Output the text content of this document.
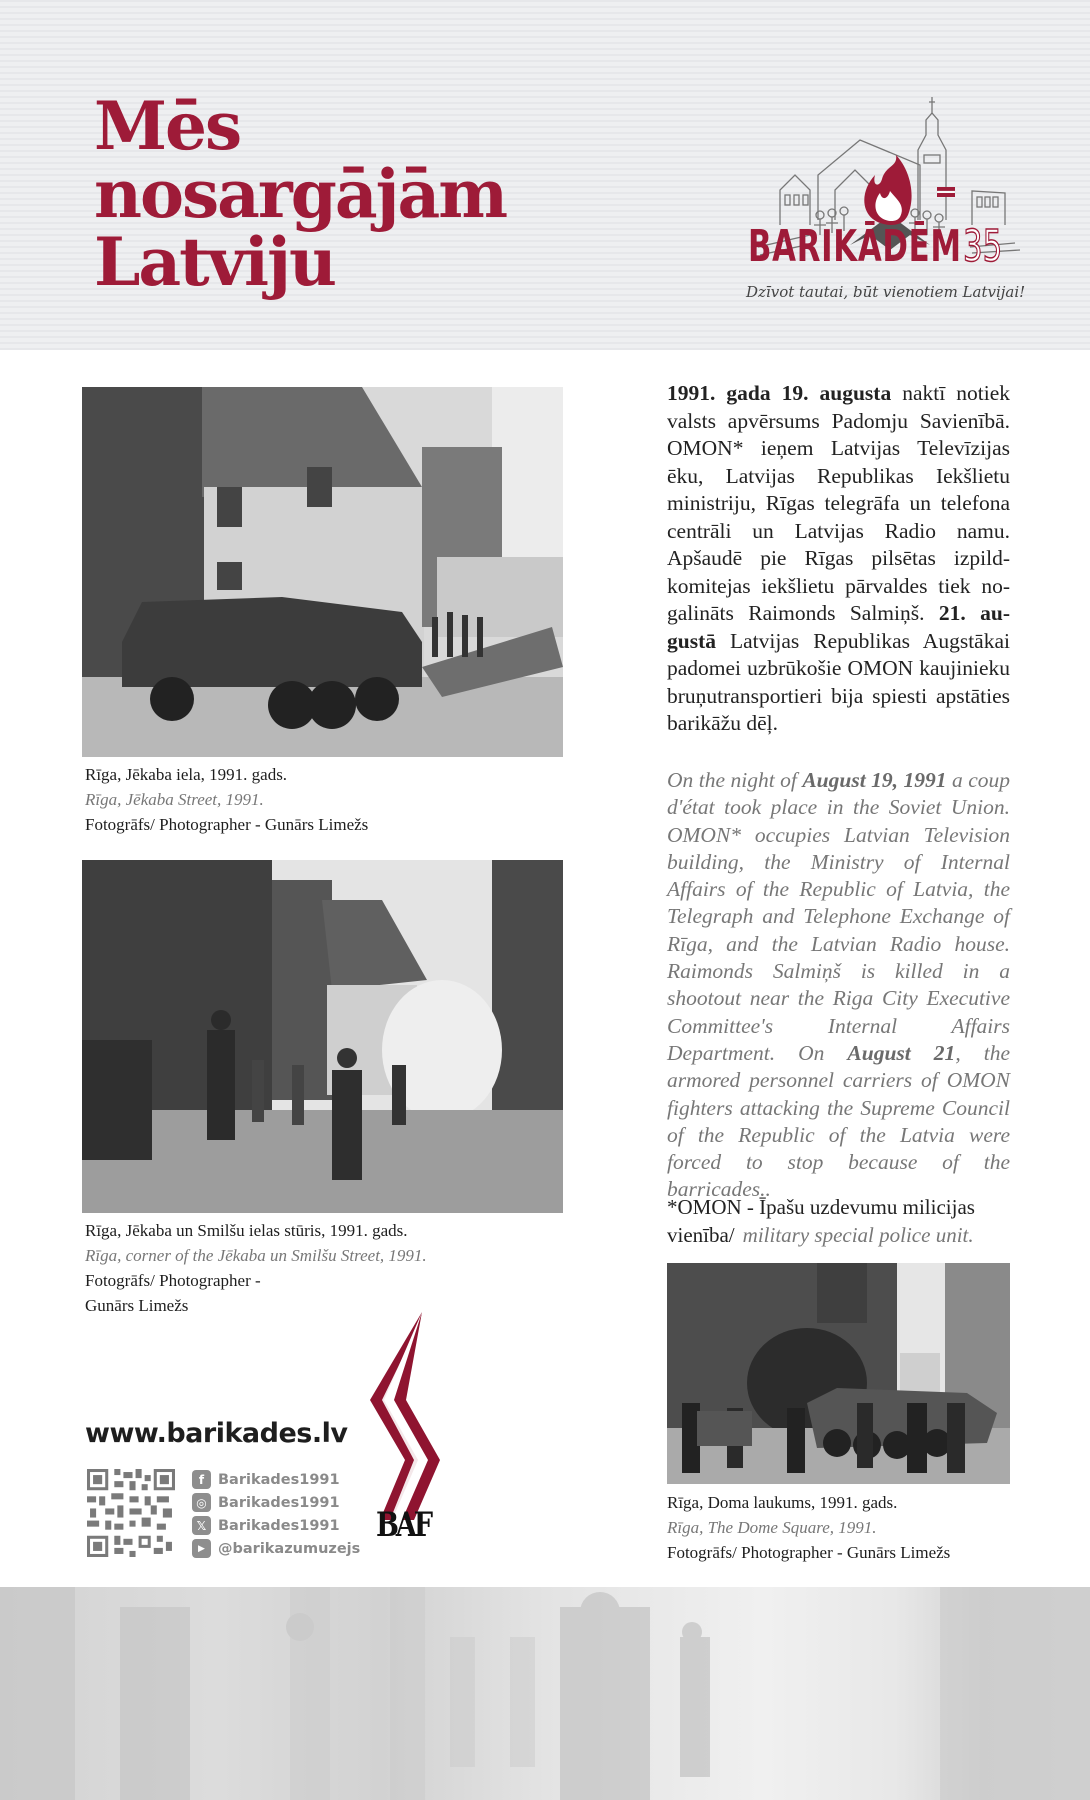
Mēs
nosargājām
Latviju	BARIKĀDĒM 35
Dzīvot tautai, būt vienotiem Latvijai!
Rīga, Jēkaba iela, 1991. gads.
Rīga, Jēkaba Street, 1991.
Fotogrāfs/ Photographer - Gunārs Limežs
Rīga, Jēkaba un Smilšu ielas stūris, 1991. gads.
Rīga, corner of the Jēkaba un Smilšu Street, 1991.
Fotogrāfs/ Photographer -
Gunārs Limežs

1991. gada 19. augusta naktī notiek valsts apvērsums Padomju Savienībā. OMON* ieņem Latvijas Televīzijas ēku, Latvijas Republikas Iekšlietu ministriju, Rīgas telegrāfa un telefona centrāli un Latvijas Radio namu. Apšaudē pie Rīgas pilsētas izpildkomitejas iekšlietu pārvaldes tiek nogalināts Raimonds Salmiņš. 21. augustā Latvijas Republikas Augstākai padomei uzbrūkošie OMON kaujinieku bruņutransportieri bija spiesti apstāties barikāžu dēļ.

On the night of August 19, 1991 a coup d'état took place in the Soviet Union. OMON* occupies Latvian Television building, the Ministry of Internal Affairs of the Republic of Latvia, the Telegraph and Telephone Exchange of Rīga, and the Latvian Radio house. Raimonds Salmiņš is killed in a shootout near the Riga City Executive Committee's Internal Affairs Department. On August 21, the armored personnel carriers of OMON fighters attacking the Supreme Council of the Republic of the Latvia were forced to stop because of the barricades..

*OMON - Īpašu uzdevumu milicijas vienība/ military special police unit.

Rīga, Doma laukums, 1991. gads.
Rīga, The Dome Square, 1991.
Fotogrāfs/ Photographer - Gunārs Limežs
www.barikades.lv
f Barikades1991
◎ Barikades1991
𝕏 Barikades1991
▶ @barikazumuzejs
BAF
